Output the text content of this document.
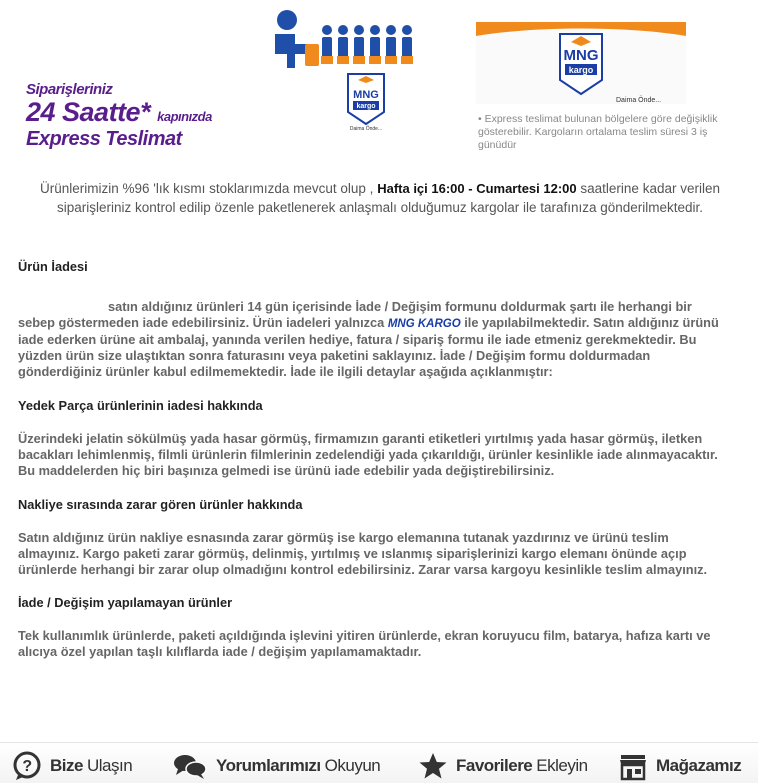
MNG
kargo
Daima Önde...
MNG
kargo
Daima Önde...
Siparişleriniz
24 Saatte* kapınızda
Express Teslimat
• Express teslimat bulunan bölgelere göre değişiklik gösterebilir. Kargoların ortalama teslim süresi 3 iş günüdür
Ürünlerimizin %96 'lık kısmı stoklarımızda mevcut olup , Hafta içi 16:00 - Cumartesi 12:00 saatlerine kadar verilen siparişleriniz kontrol edilip özenle paketlenerek anlaşmalı olduğumuz kargolar ile tarafınıza gönderilmektedir.
Ürün İadesi

satın aldığınız ürünleri 14 gün içerisinde İade / Değişim formunu doldurmak şartı ile herhangi bir sebep göstermeden iade edebilirsiniz. Ürün iadeleri yalnızca MNG KARGO ile yapılabilmektedir. Satın aldığınız ürünü iade ederken ürüne ait ambalaj, yanında verilen hediye, fatura / sipariş formu ile iade etmeniz gerekmektedir. Bu yüzden ürün size ulaştıktan sonra faturasını veya paketini saklayınız. İade / Değişim formu doldurmadan gönderdiğiniz ürünler kabul edilmemektedir. İade ile ilgili detaylar aşağıda açıklanmıştır:

Yedek Parça ürünlerinin iadesi hakkında

Üzerindeki jelatin sökülmüş yada hasar görmüş, firmamızın garanti etiketleri yırtılmış yada hasar görmüş, iletken bacakları lehimlenmiş, filmli ürünlerin filmlerinin zedelendiği yada çıkarıldığı, ürünler kesinlikle iade alınmayacaktır. Bu maddelerden hiç biri başınıza gelmedi ise ürünü iade edebilir yada değiştirebilirsiniz.

Nakliye sırasında zarar gören ürünler hakkında

Satın aldığınız ürün nakliye esnasında zarar görmüş ise kargo elemanına tutanak yazdırınız ve ürünü teslim almayınız. Kargo paketi zarar görmüş, delinmiş, yırtılmış ve ıslanmış siparişlerinizi kargo elemanı önünde açıp ürünlerde herhangi bir zarar olup olmadığını kontrol edebilirsiniz. Zarar varsa kargoyu kesinlikle teslim almayınız.

İade / Değişim yapılamayan ürünler

Tek kullanımlık ürünlerde, paketi açıldığında işlevini yitiren ürünlerde, ekran koruyucu film, batarya, hafıza kartı ve alıcıya özel yapılan taşlı kılıflarda iade / değişim yapılamamaktadır.

? Bize Ulaşın	Yorumlarımızı Okuyun	Favorilere Ekleyin	Mağazamız
